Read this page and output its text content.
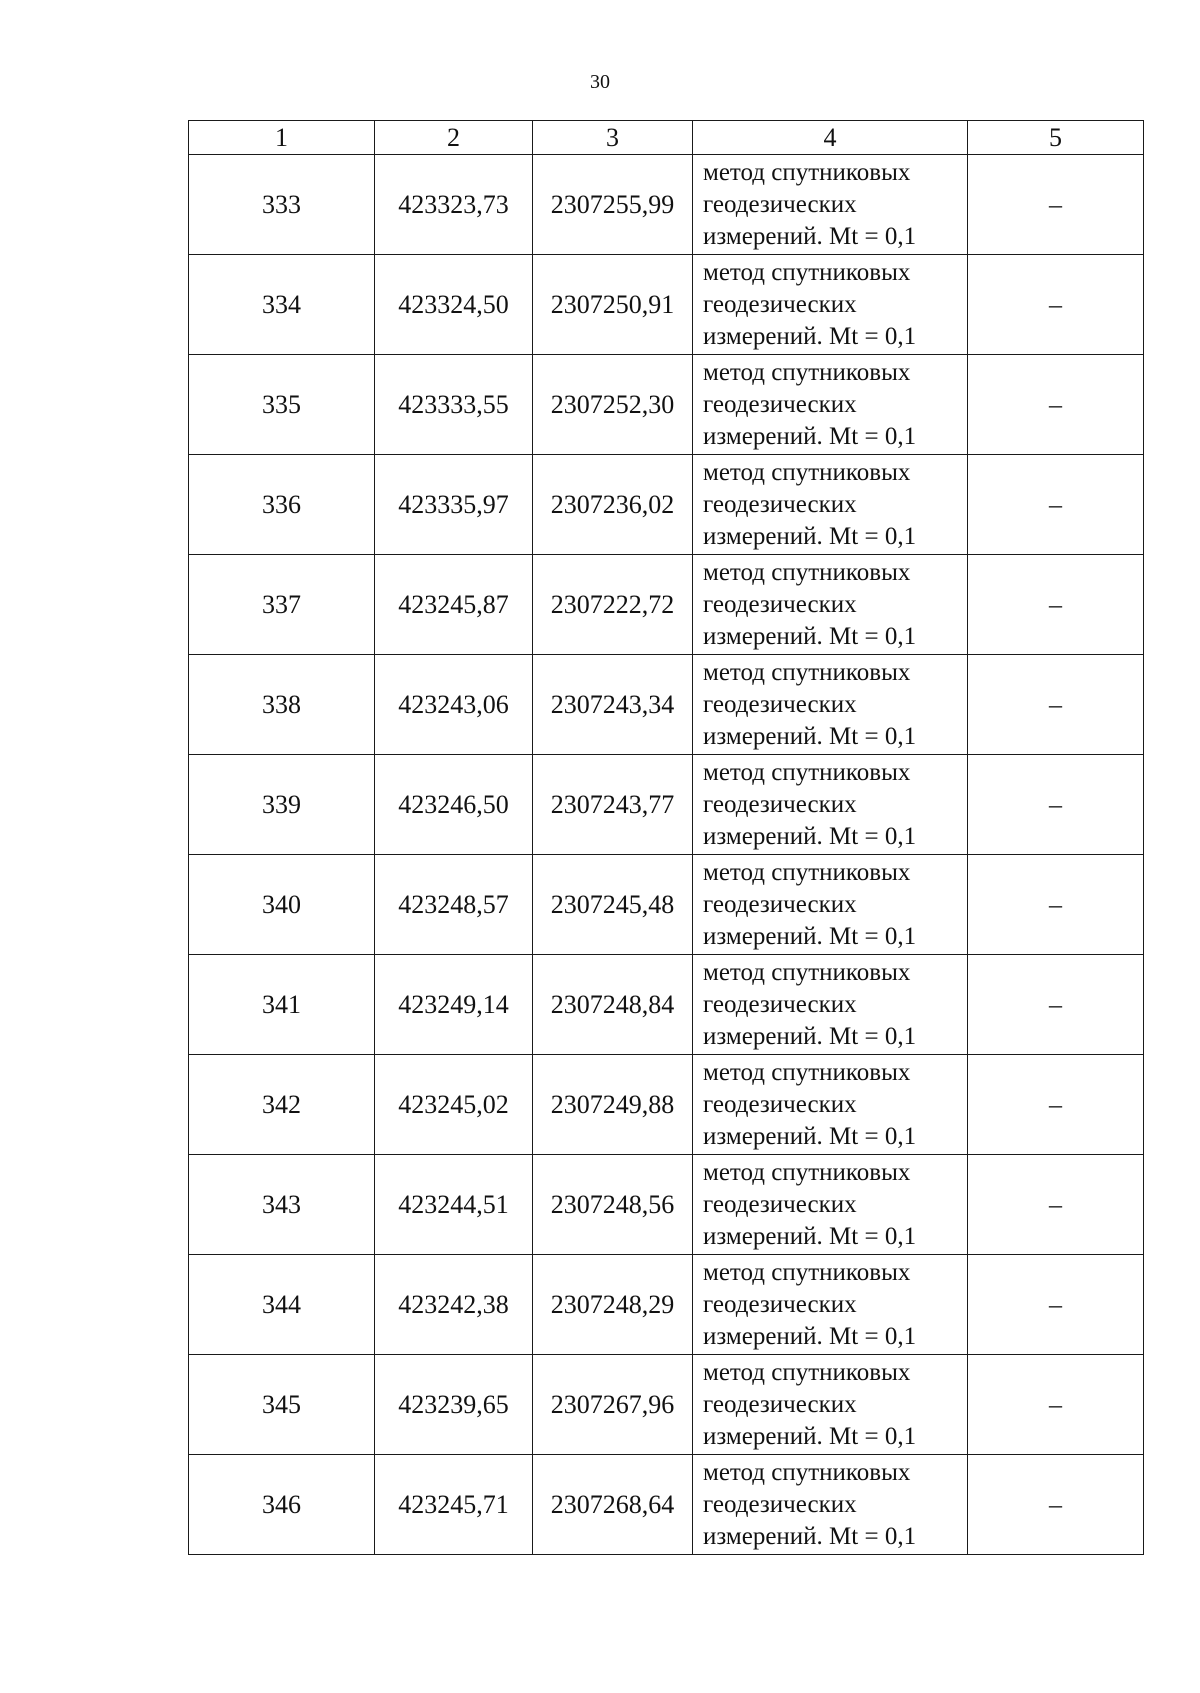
30
1	2	3	4	5
333	423323,73	2307255,99	метод спутниковых
геодезических
измерений. Mt = 0,1	–
334	423324,50	2307250,91	метод спутниковых
геодезических
измерений. Mt = 0,1	–
335	423333,55	2307252,30	метод спутниковых
геодезических
измерений. Mt = 0,1	–
336	423335,97	2307236,02	метод спутниковых
геодезических
измерений. Mt = 0,1	–
337	423245,87	2307222,72	метод спутниковых
геодезических
измерений. Mt = 0,1	–
338	423243,06	2307243,34	метод спутниковых
геодезических
измерений. Mt = 0,1	–
339	423246,50	2307243,77	метод спутниковых
геодезических
измерений. Mt = 0,1	–
340	423248,57	2307245,48	метод спутниковых
геодезических
измерений. Mt = 0,1	–
341	423249,14	2307248,84	метод спутниковых
геодезических
измерений. Mt = 0,1	–
342	423245,02	2307249,88	метод спутниковых
геодезических
измерений. Mt = 0,1	–
343	423244,51	2307248,56	метод спутниковых
геодезических
измерений. Mt = 0,1	–
344	423242,38	2307248,29	метод спутниковых
геодезических
измерений. Mt = 0,1	–
345	423239,65	2307267,96	метод спутниковых
геодезических
измерений. Mt = 0,1	–
346	423245,71	2307268,64	метод спутниковых
геодезических
измерений. Mt = 0,1	–
